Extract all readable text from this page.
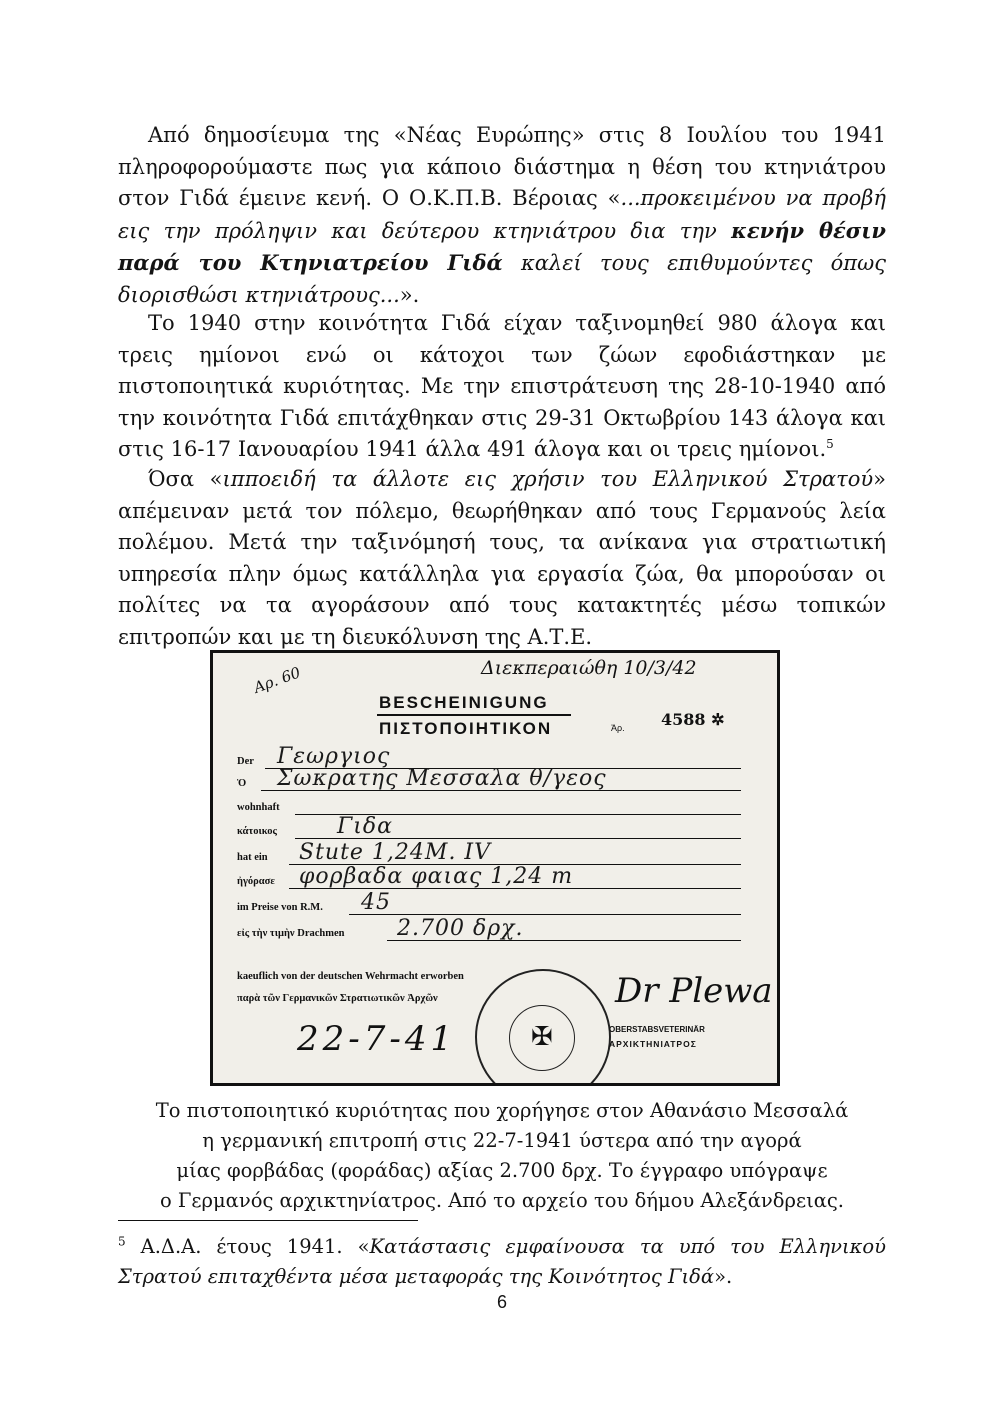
Από δημοσίευμα της «Νέας Ευρώπης» στις 8 Ιουλίου του 1941 πληροφορούμαστε πως για κάποιο διάστημα η θέση του κτηνιάτρου στον Γιδά έμεινε κενή. Ο Ο.Κ.Π.Β. Βέροιας «...προκειμένου να προβή εις την πρόληψιν και δεύτερου κτηνιάτρου δια την κενήν θέσιν παρά του Κτηνιατρείου Γιδά καλεί τους επιθυμούντες όπως διορισθώσι κτηνιάτρους...».
Το 1940 στην κοινότητα Γιδά είχαν ταξινομηθεί 980 άλογα και τρεις ημίονοι ενώ οι κάτοχοι των ζώων εφοδιάστηκαν με πιστοποιητικά κυριότητας. Με την επιστράτευση της 28-10-1940 από την κοινότητα Γιδά επιτάχθηκαν στις 29-31 Οκτωβρίου 143 άλογα και στις 16-17 Ιανουαρίου 1941 άλλα 491 άλογα και οι τρεις ημίονοι.$^5$
Όσα «ιπποειδή τα άλλοτε εις χρήσιν του Ελληνικού Στρατού» απέμειναν μετά τον πόλεμο, θεωρήθηκαν από τους Γερμανούς λεία πολέμου. Μετά την ταξινόμησή τους, τα ανίκανα για στρατιωτική υπηρεσία πλην όμως κατάλληλα για εργασία ζώα, θα μπορούσαν οι πολίτες να τα αγοράσουν από τους κατακτητές μέσω τοπικών επιτροπών και με τη διευκόλυνση της Α.Τ.Ε.
Αρ. 60	Διεκπεραιώθη 10/3/42
BESCHEINIGUNG
ΠΙΣΤΟΠΟΙΗΤΙΚΟΝ	Ἀρ. 4588 ✲
Der Γεωργιος
Ὁ Σωκρατης Μεσσαλα θ/γεος
wohnhaft
κάτοικος	Γιδα
hat ein Stute 1,24M. IV
ἠγόρασε φορβαδα φαιας 1,24 m
im Preise von R.M. 45
εἰς τὴν τιμὴν Drachmen 2.700 δρχ.
kaeuflich von der deutschen Wehrmacht erworben
παρὰ τῶν Γερμανικῶν Στρατιωτικῶν Ἀρχῶν
✠
22-7-41
Dr Plewa
OBERSTABSVETERINÄR
ΑΡΧΙΚΤΗΝΙΑΤΡΟΣ
Το πιστοποιητικό κυριότητας που χορήγησε στον Αθανάσιο Μεσσαλά
η γερμανική επιτροπή στις 22-7-1941 ύστερα από την αγορά
μίας φορβάδας (φοράδας) αξίας 2.700 δρχ. Το έγγραφο υπόγραψε
ο Γερμανός αρχικτηνίατρος. Από το αρχείο του δήμου Αλεξάνδρειας.
$^5$ Α.Δ.Α. έτους 1941. «Κατάστασις εμφαίνουσα τα υπό του Ελληνικού Στρατού επιταχθέντα μέσα μεταφοράς της Κοινότητος Γιδά».
6
